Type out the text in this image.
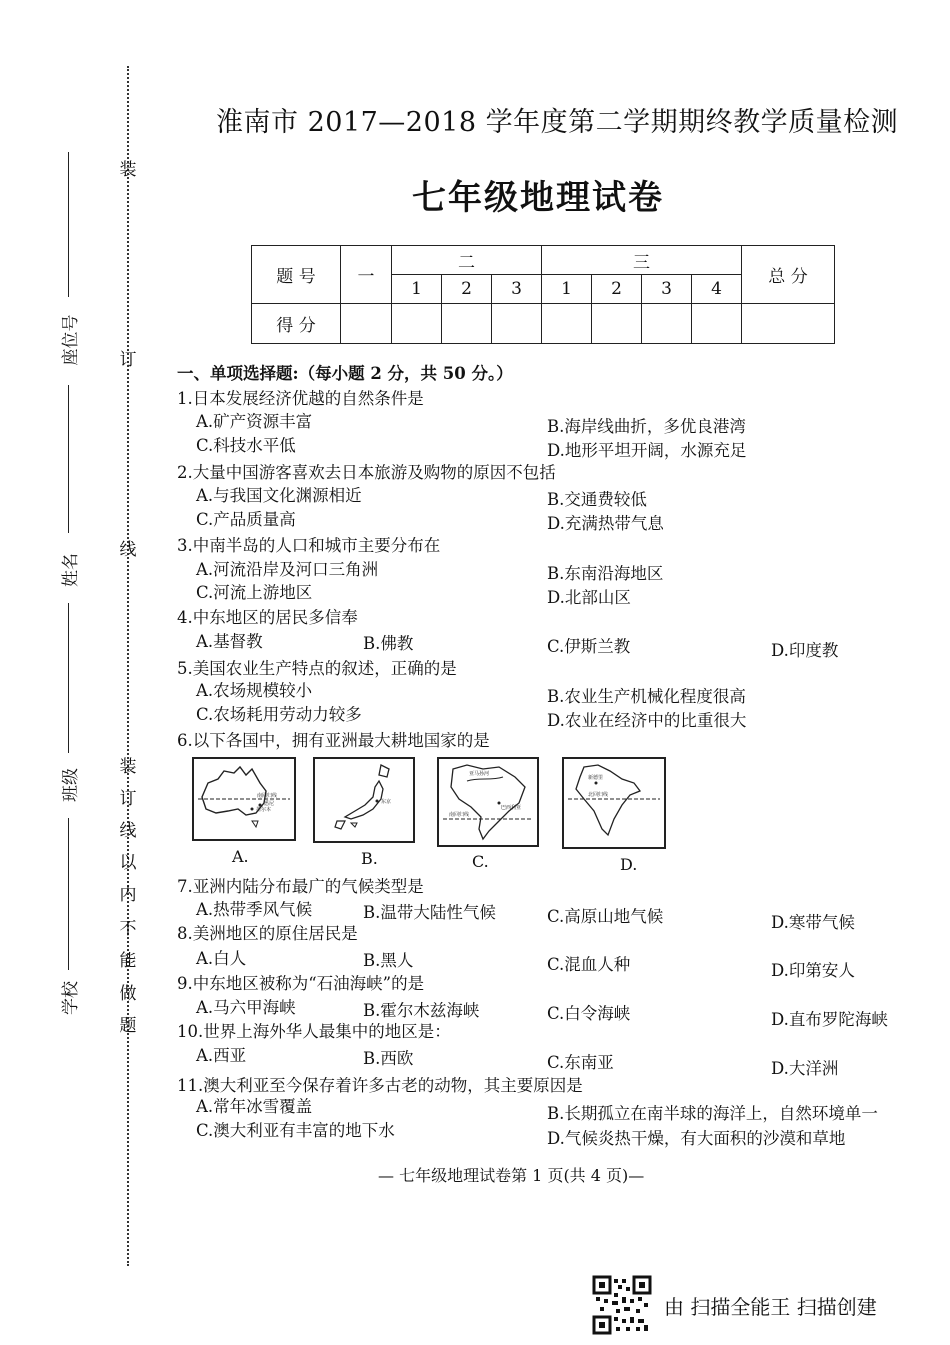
装
订
线
装
订
线
以
内
不
能
做
题
座位号
姓名
班级
学校
淮南市 2017—2018 学年度第二学期期终教学质量检测
七年级地理试卷
题 号	一	二			三				总 分
		1	2	3	1	2	3	4	
得 分									
一、单项选择题:（每小题 2 分，共 50 分。）
1.日本发展经济优越的自然条件是
A.矿产资源丰富	B.海岸线曲折，多优良港湾
C.科技水平低	D.地形平坦开阔，水源充足
2.大量中国游客喜欢去日本旅游及购物的原因不包括
A.与我国文化渊源相近	B.交通费较低
C.产品质量高	D.充满热带气息
3.中南半岛的人口和城市主要分布在
A.河流沿岸及河口三角洲	B.东南沿海地区
C.河流上游地区	D.北部山区
4.中东地区的居民多信奉
A.基督教	B.佛教	C.伊斯兰教	D.印度教
5.美国农业生产特点的叙述，正确的是
A.农场规模较小	B.农业生产机械化程度很高
C.农场耗用劳动力较多	D.农业在经济中的比重很大
6.以下各国中，拥有亚洲最大耕地国家的是
南回归线
墨尔本
悉尼
A.
东京
B.
亚马孙河
巴西利亚
南回归线
C.
新德里
北回归线
D.
7.亚洲内陆分布最广的气候类型是
A.热带季风气候	B.温带大陆性气候	C.高原山地气候	D.寒带气候
8.美洲地区的原住居民是
A.白人	B.黑人	C.混血人种	D.印第安人
9.中东地区被称为“石油海峡”的是
A.马六甲海峡	B.霍尔木兹海峡	C.白令海峡	D.直布罗陀海峡
10.世界上海外华人最集中的地区是：
A.西亚	B.西欧	C.东南亚	D.大洋洲
11.澳大利亚至今保存着许多古老的动物，其主要原因是
A.常年冰雪覆盖	B.长期孤立在南半球的海洋上，自然环境单一
C.澳大利亚有丰富的地下水	D.气候炎热干燥，有大面积的沙漠和草地
— 七年级地理试卷第 1 页(共 4 页)—
由 扫描全能王 扫描创建
